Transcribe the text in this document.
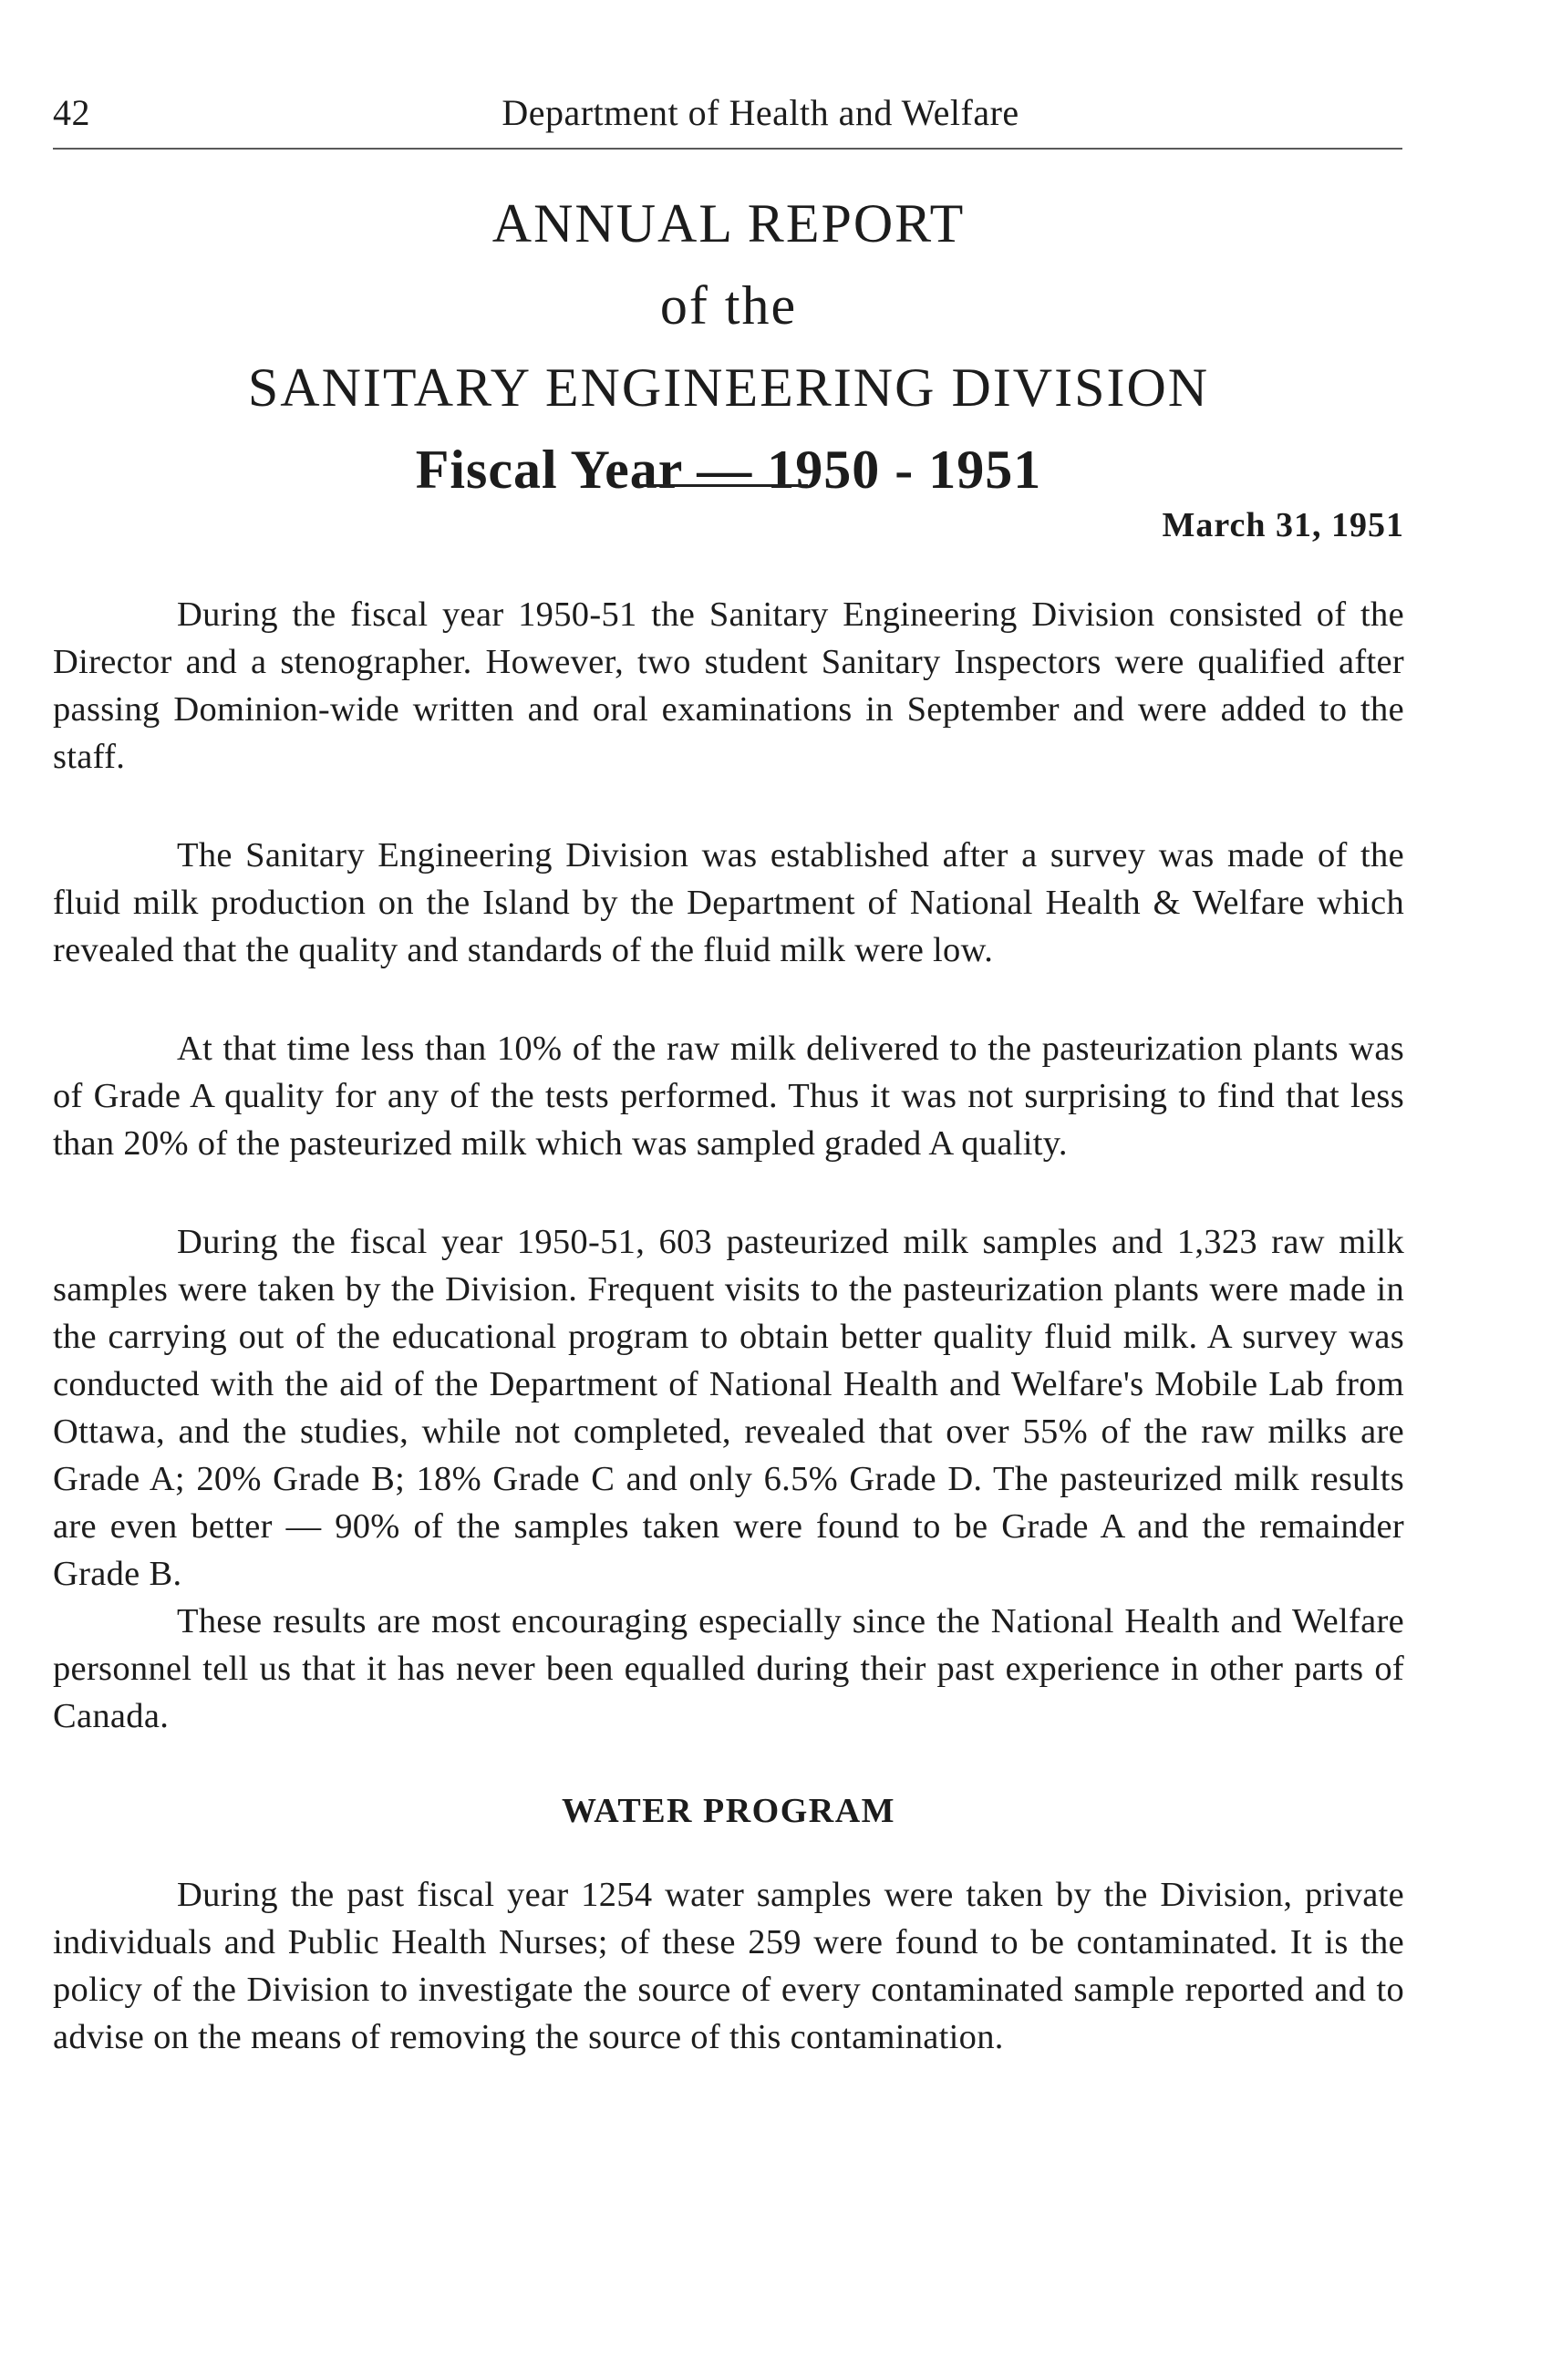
42	Department of Health and Welfare
ANNUAL REPORT
of the
SANITARY ENGINEERING DIVISION
Fiscal Year — 1950 - 1951
March 31, 1951

During the fiscal year 1950-51 the Sanitary Engineering Division consisted of the Director and a stenographer. However, two student Sanitary Inspectors were qualified after passing Dominion-wide written and oral examinations in September and were added to the staff.

The Sanitary Engineering Division was established after a survey was made of the fluid milk production on the Island by the Department of National Health & Welfare which revealed that the quality and standards of the fluid milk were low.

At that time less than 10% of the raw milk delivered to the pasteurization plants was of Grade A quality for any of the tests performed. Thus it was not surprising to find that less than 20% of the pasteurized milk which was sampled graded A quality.

During the fiscal year 1950-51, 603 pasteurized milk samples and 1,323 raw milk samples were taken by the Division. Frequent visits to the pasteurization plants were made in the carrying out of the educational program to obtain better quality fluid milk. A survey was conducted with the aid of the Department of National Health and Welfare's Mobile Lab from Ottawa, and the studies, while not completed, revealed that over 55% of the raw milks are Grade A; 20% Grade B; 18% Grade C and only 6.5% Grade D. The pasteurized milk results are even better — 90% of the samples taken were found to be Grade A and the remainder Grade B.

These results are most encouraging especially since the National Health and Welfare personnel tell us that it has never been equalled during their past experience in other parts of Canada.

WATER PROGRAM

During the past fiscal year 1254 water samples were taken by the Division, private individuals and Public Health Nurses; of these 259 were found to be contaminated. It is the policy of the Division to investigate the source of every contaminated sample reported and to advise on the means of removing the source of this contamination.
